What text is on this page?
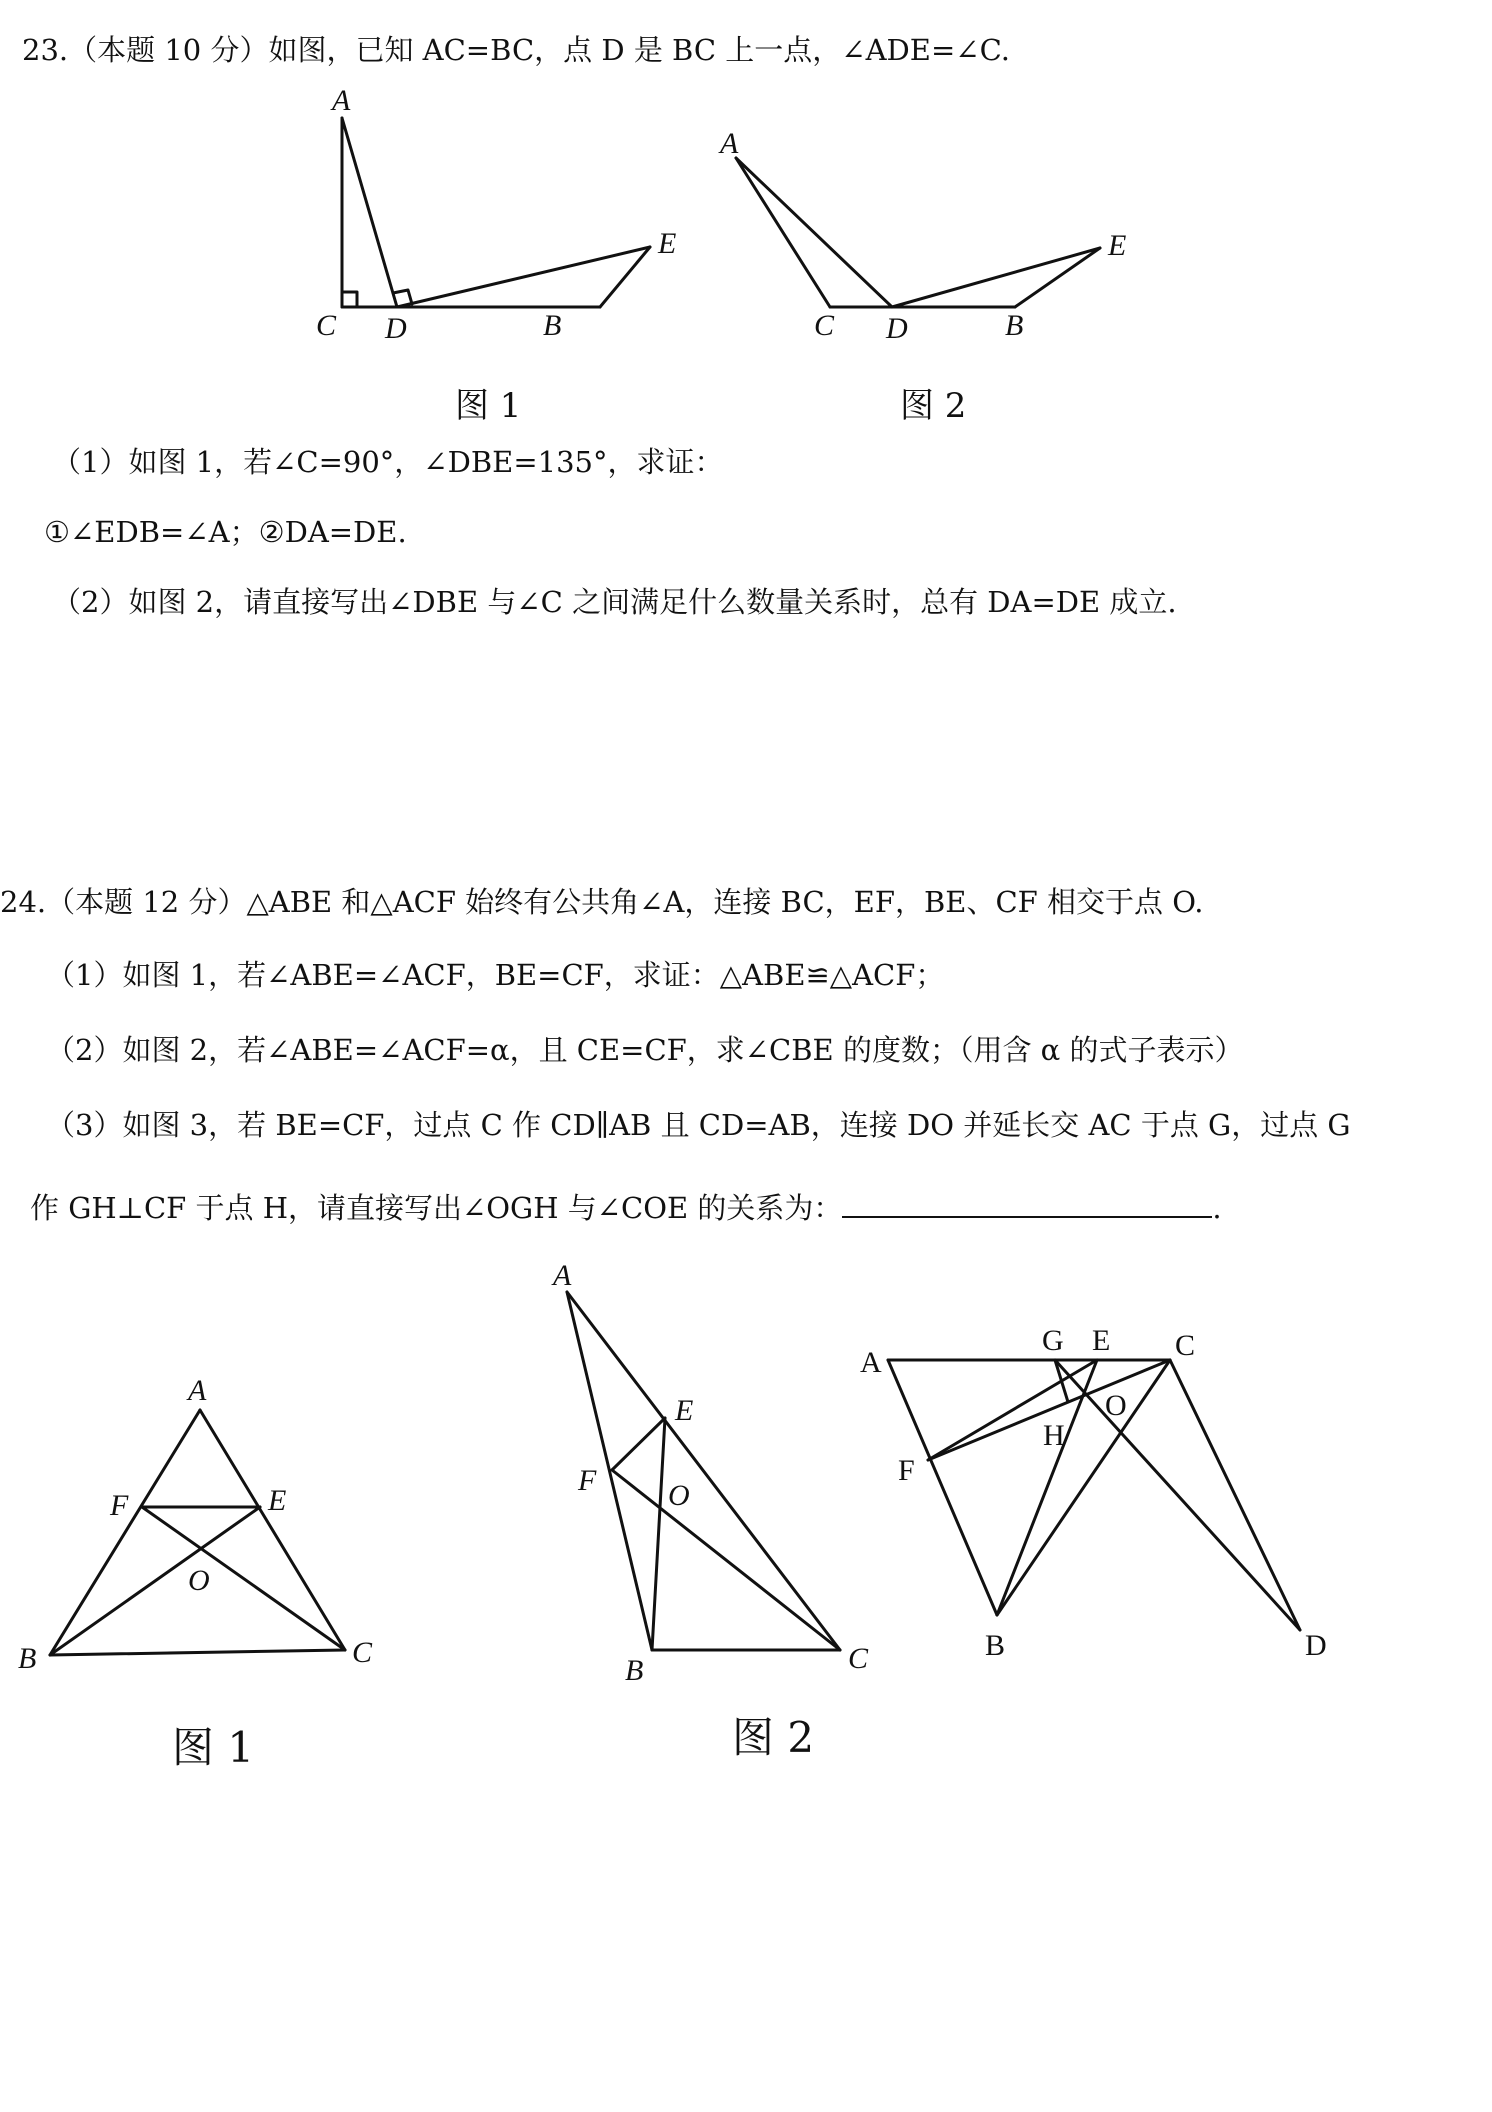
23.（本题 10 分）如图，已知 AC=BC，点 D 是 BC 上一点，∠ADE=∠C.
A
C D	B
E
图 1
A
C D	B
E
图 2
（1）如图 1，若∠C=90°，∠DBE=135°，求证：
①∠EDB=∠A；②DA=DE.
（2）如图 2，请直接写出∠DBE 与∠C 之间满足什么数量关系时，总有 DA=DE 成立.
24.（本题 12 分）△ABE 和△ACF 始终有公共角∠A，连接 BC，EF，BE、CF 相交于点 O.
（1）如图 1，若∠ABE=∠ACF，BE=CF，求证：△ABE≌△ACF；
（2）如图 2，若∠ABE=∠ACF=α，且 CE=CF，求∠CBE 的度数；（用含 α 的式子表示）
（3）如图 3，若 BE=CF，过点 C 作 CD∥AB 且 CD=AB，连接 DO 并延长交 AC 于点 G，过点 G
作 GH⊥CF 于点 H，请直接写出∠OGH 与∠COE 的关系为：	.
A
F	E
O
B	C
图 1
A
E
F O
B	C
图 2
A
G E C
H
O
F
B	D
